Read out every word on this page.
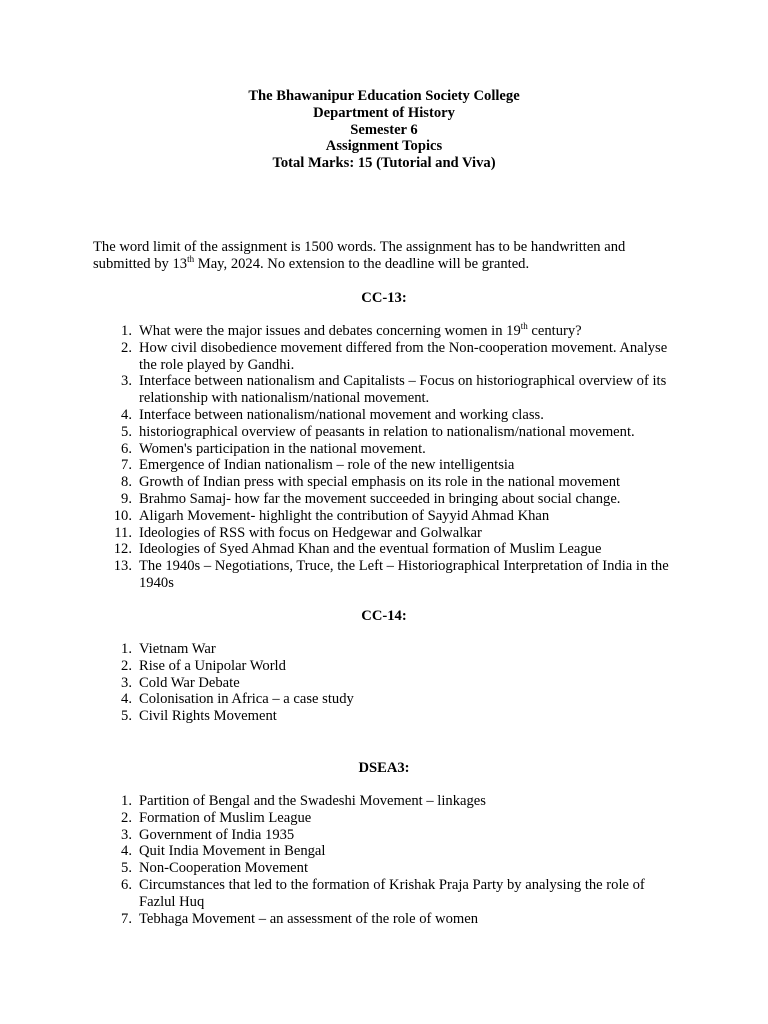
The Bhawanipur Education Society College
Department of History
Semester 6
Assignment Topics
Total Marks: 15 (Tutorial and Viva)

The word limit of the assignment is 1500 words. The assignment has to be handwritten and submitted by 13th May, 2024. No extension to the deadline will be granted.

CC-13:
1. What were the major issues and debates concerning women in 19th century?
2. How civil disobedience movement differed from the Non-cooperation movement. Analyse the role played by Gandhi.
3. Interface between nationalism and Capitalists – Focus on historiographical overview of its relationship with nationalism/national movement.
4. Interface between nationalism/national movement and working class.
5. historiographical overview of peasants in relation to nationalism/national movement.
6. Women's participation in the national movement.
7. Emergence of Indian nationalism – role of the new intelligentsia
8. Growth of Indian press with special emphasis on its role in the national movement
9. Brahmo Samaj- how far the movement succeeded in bringing about social change.
10. Aligarh Movement- highlight the contribution of Sayyid Ahmad Khan
11. Ideologies of RSS with focus on Hedgewar and Golwalkar
12. Ideologies of Syed Ahmad Khan and the eventual formation of Muslim League
13. The 1940s – Negotiations, Truce, the Left – Historiographical Interpretation of India in the 1940s
CC-14:
1. Vietnam War
2. Rise of a Unipolar World
3. Cold War Debate
4. Colonisation in Africa – a case study
5. Civil Rights Movement
DSEA3:
1. Partition of Bengal and the Swadeshi Movement – linkages
2. Formation of Muslim League
3. Government of India 1935
4. Quit India Movement in Bengal
5. Non-Cooperation Movement
6. Circumstances that led to the formation of Krishak Praja Party by analysing the role of Fazlul Huq
7. Tebhaga Movement – an assessment of the role of women
